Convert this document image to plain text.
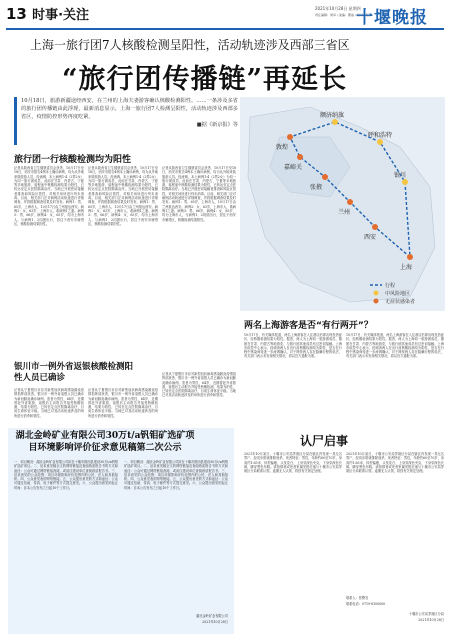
13 时事·关注	2021年10月28日 星期四
责任编辑：周卓 / 美编：曹丽 / 校对：张萍
十堰晚报
上海一旅行团7人核酸检测呈阳性，活动轨迹涉及西部三省区
“旅行团传播链”再延长
10月18日，旅游新疆途经西安，在兰州的上海夫妻游客确认核酸检测阳性。……一条涉及多省的旅行团传播链由此浮现，最新消息显示，上海一旅行团7人检测呈阳性，活动轨迹涉及西部多省区，疫情防控形势再度吃紧。
■据《新京报》等
上海
西安
兰州
张掖
嘉峪关
敦煌
额济纳旗
呼和浩特
银川
行程
中风险地区
无症状感染者
旅行团一行核酸检测均为阳性
记者从陕西省卫生健康委员会获悉，10月17日至18日，西安市报告4例本土确诊病例，均为从外地来陕旅游人员。经流调，本土病例1-4（2男2女）为同一旅行团成员，此前在甘肃、内蒙古、宁夏等多地旅游，返程途中核酸检测结果为阳性，已转运至定点医院隔离治疗。当地已开展密切接触者排查和风险区管控，对相关场所进行终末消毒。目前，相关部门正对病例活动轨迹进行详细调查，并将根据调查结果及时发布。病例1：男，65岁，上海市人，10月17日由兰州抵达西安。病例2：女，63岁，上海市人，系病例1之妻。病例3：男，66岁，病例4：女，65岁，均为上海市人，与病例1、2同团出行，居住于西安市雁塔区，核酸检测结果阳性。
记者从陕西省卫生健康委员会获悉，10月17日至18日，西安市报告4例本土确诊病例，均为从外地来陕旅游人员。经流调，本土病例1-4（2男2女）为同一旅行团成员，此前在甘肃、内蒙古、宁夏等多地旅游，返程途中核酸检测结果为阳性，已转运至定点医院隔离治疗。当地已开展密切接触者排查和风险区管控，对相关场所进行终末消毒。目前，相关部门正对病例活动轨迹进行详细调查，并将根据调查结果及时发布。病例1：男，65岁，上海市人，10月17日由兰州抵达西安。病例2：女，63岁，上海市人，系病例1之妻。病例3：男，66岁，病例4：女，65岁，均为上海市人，与病例1、2同团出行，居住于西安市雁塔区，核酸检测结果阳性。
记者从陕西省卫生健康委员会获悉，10月17日至18日，西安市报告4例本土确诊病例，均为从外地来陕旅游人员。经流调，本土病例1-4（2男2女）为同一旅行团成员，此前在甘肃、内蒙古、宁夏等多地旅游，返程途中核酸检测结果为阳性，已转运至定点医院隔离治疗。当地已开展密切接触者排查和风险区管控，对相关场所进行终末消毒。目前，相关部门正对病例活动轨迹进行详细调查，并将根据调查结果及时发布。病例1：男，65岁，上海市人，10月17日由兰州抵达西安。病例2：女，63岁，上海市人，系病例1之妻。病例3：男，66岁，病例4：女，65岁，均为上海市人，与病例1、2同团出行，居住于西安市雁塔区，核酸检测结果阳性。
银川市一例外省返银核酸检测阳性人员已确诊
记者从宁夏银川市应对新型冠状病毒感染肺炎疫情指挥部获悉，银川市一例外省返银人员已确诊为新冠肺炎确诊病例。患者为男性，64岁，近期曾赴外省旅游，返银后主动报告并接受核酸检测，结果为阳性，已转至定点医院隔离治疗，目前生命体征平稳。当地已对其活动轨迹涉及的场所进行消杀和管控。
记者从宁夏银川市应对新型冠状病毒感染肺炎疫情指挥部获悉，银川市一例外省返银人员已确诊为新冠肺炎确诊病例。患者为男性，64岁，近期曾赴外省旅游，返银后主动报告并接受核酸检测，结果为阳性，已转至定点医院隔离治疗，目前生命体征平稳。当地已对其活动轨迹涉及的场所进行消杀和管控。
记者从宁夏银川市应对新型冠状病毒感染肺炎疫情指挥部获悉，银川市一例外省返银人员已确诊为新冠肺炎确诊病例。患者为男性，64岁，近期曾赴外省旅游，返银后主动报告并接受核酸检测，结果为阳性，已转至定点医院隔离治疗，目前生命体征平稳。当地已对其活动轨迹涉及的场所进行消杀和管控。
两名上海游客是否“有行两开”？
10月17日，有关媒体报道，两名上海游客在入住酒店后即出现发热症状，经核酸检测结果为阳性。据悉，两人为上海同一旅游团成员，随团在甘肃、内蒙古等地游览，与旅行团其他成员有过密切接触。上海市疾控中心表示，经调查两人在出行前核酸检测均为阴性，是否在行程中感染尚待进一步流调确认。对于网传两人存在隐瞒行程的说法，有关部门表示未发现相关情况，将以官方通报为准。
10月17日，有关媒体报道，两名上海游客在入住酒店后即出现发热症状，经核酸检测结果为阳性。据悉，两人为上海同一旅游团成员，随团在甘肃、内蒙古等地游览，与旅行团其他成员有过密切接触。上海市疾控中心表示，经调查两人在出行前核酸检测均为阴性，是否在行程中感染尚待进一步流调确认。对于网传两人存在隐瞒行程的说法，有关部门表示未发现相关情况，将以官方通报为准。
湖北金岭矿业有限公司30万t/a钒钼矿选矿项目环境影响评价征求意见稿第二次公示
一、项目概况：湖北金岭矿业有限公司拟在十堰市郧西县建设30万t/a钒钼矿选矿项目。二、征求意见稿全文的网络链接及查阅纸质报告书的方式和途径：公众可通过网络链接查阅，或前往建设单位查阅纸质报告书。三、征求意见的公众范围：项目环境影响评价范围内的公民、法人和其他组织。四、公众意见表的网络链接。五、公众提出意见的方式和途径：公众可通过信函、传真、电子邮件等方式提交意见。六、公众提出意见的起止时间：自本公告发布之日起10个工作日。
一、项目概况：湖北金岭矿业有限公司拟在十堰市郧西县建设30万t/a钒钼矿选矿项目。二、征求意见稿全文的网络链接及查阅纸质报告书的方式和途径：公众可通过网络链接查阅，或前往建设单位查阅纸质报告书。三、征求意见的公众范围：项目环境影响评价范围内的公民、法人和其他组织。四、公众意见表的网络链接。五、公众提出意见的方式和途径：公众可通过信函、传真、电子邮件等方式提交意见。六、公众提出意见的起止时间：自本公告发布之日起10个工作日。
湖北金岭矿业有限公司
2021年10月28日
认尸启事
2021年10月某日，十堰市公安局茅箭区分局在辖区内发现一具无名男尸，经初步勘查排除他杀。死者特征：男性，年龄约60至70岁，身高约1.65米，体型偏瘦，头发花白，上身穿深色夹克，下身穿深色长裤，脚穿黑色布鞋。请知情者或死者家属见报后速与十堰市公安局茅箭区分局联系认领。逾期无人认领，将按有关规定处理。
2021年10月某日，十堰市公安局茅箭区分局在辖区内发现一具无名男尸，经初步勘查排除他杀。死者特征：男性，年龄约60至70岁，身高约1.65米，体型偏瘦，头发花白，上身穿深色夹克，下身穿深色长裤，脚穿黑色布鞋。请知情者或死者家属见报后速与十堰市公安局茅箭区分局联系认领。逾期无人认领，将按有关规定处理。
联系人：张警官
联系电话：0719-8100000
十堰市公安局茅箭区分局
2021年10月28日
